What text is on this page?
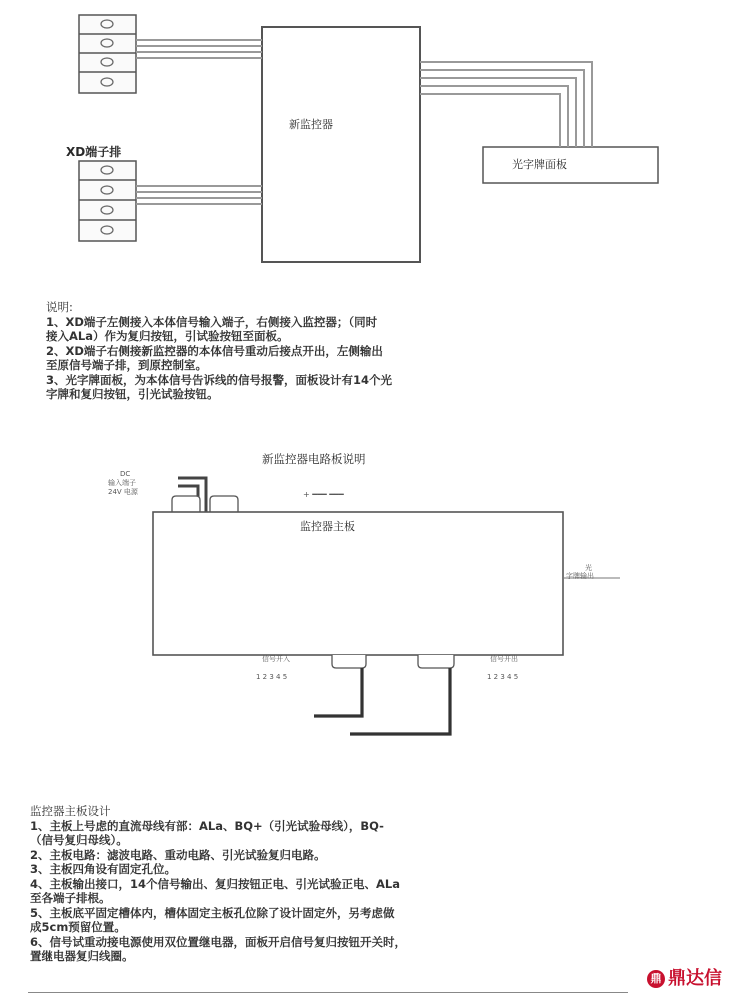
XD端子排
新监控器
光字牌面板
说明:
1、XD端子左侧接入本体信号输入端子，右侧接入监控器；（同时
接入ALa）作为复归按钮，引试验按钮至面板。
2、XD端子右侧接新监控器的本体信号重动后接点开出，左侧输出
至原信号端子排，到原控制室。
3、光字牌面板，为本体信号告诉线的信号报警，面板设计有14个光
字牌和复归按钮，引光试验按钮。
新监控器电路板说明
DC
输入端子
24V 电源	+ ━━━ ━━━
监控器主板
光
字牌输出
信号开入
1 2 3 4 5
信号开出
1 2 3 4 5
监控器主板设计
1、主板上号虑的直流母线有部：ALa、BQ+（引光试验母线），BQ-
（信号复归母线）。
2、主板电路：滤波电路、重动电路、引光试验复归电路。
3、主板四角设有固定孔位。
4、主板输出接口，14个信号输出、复归按钮正电、引光试验正电、ALa
至各端子排根。
5、主板底平固定槽体内，槽体固定主板孔位除了设计固定外，另考虑做
成5cm预留位置。
6、信号试重动接电源使用双位置继电器，面板开启信号复归按钮开关时，
置继电器复归线圈。
鼎 鼎达信
